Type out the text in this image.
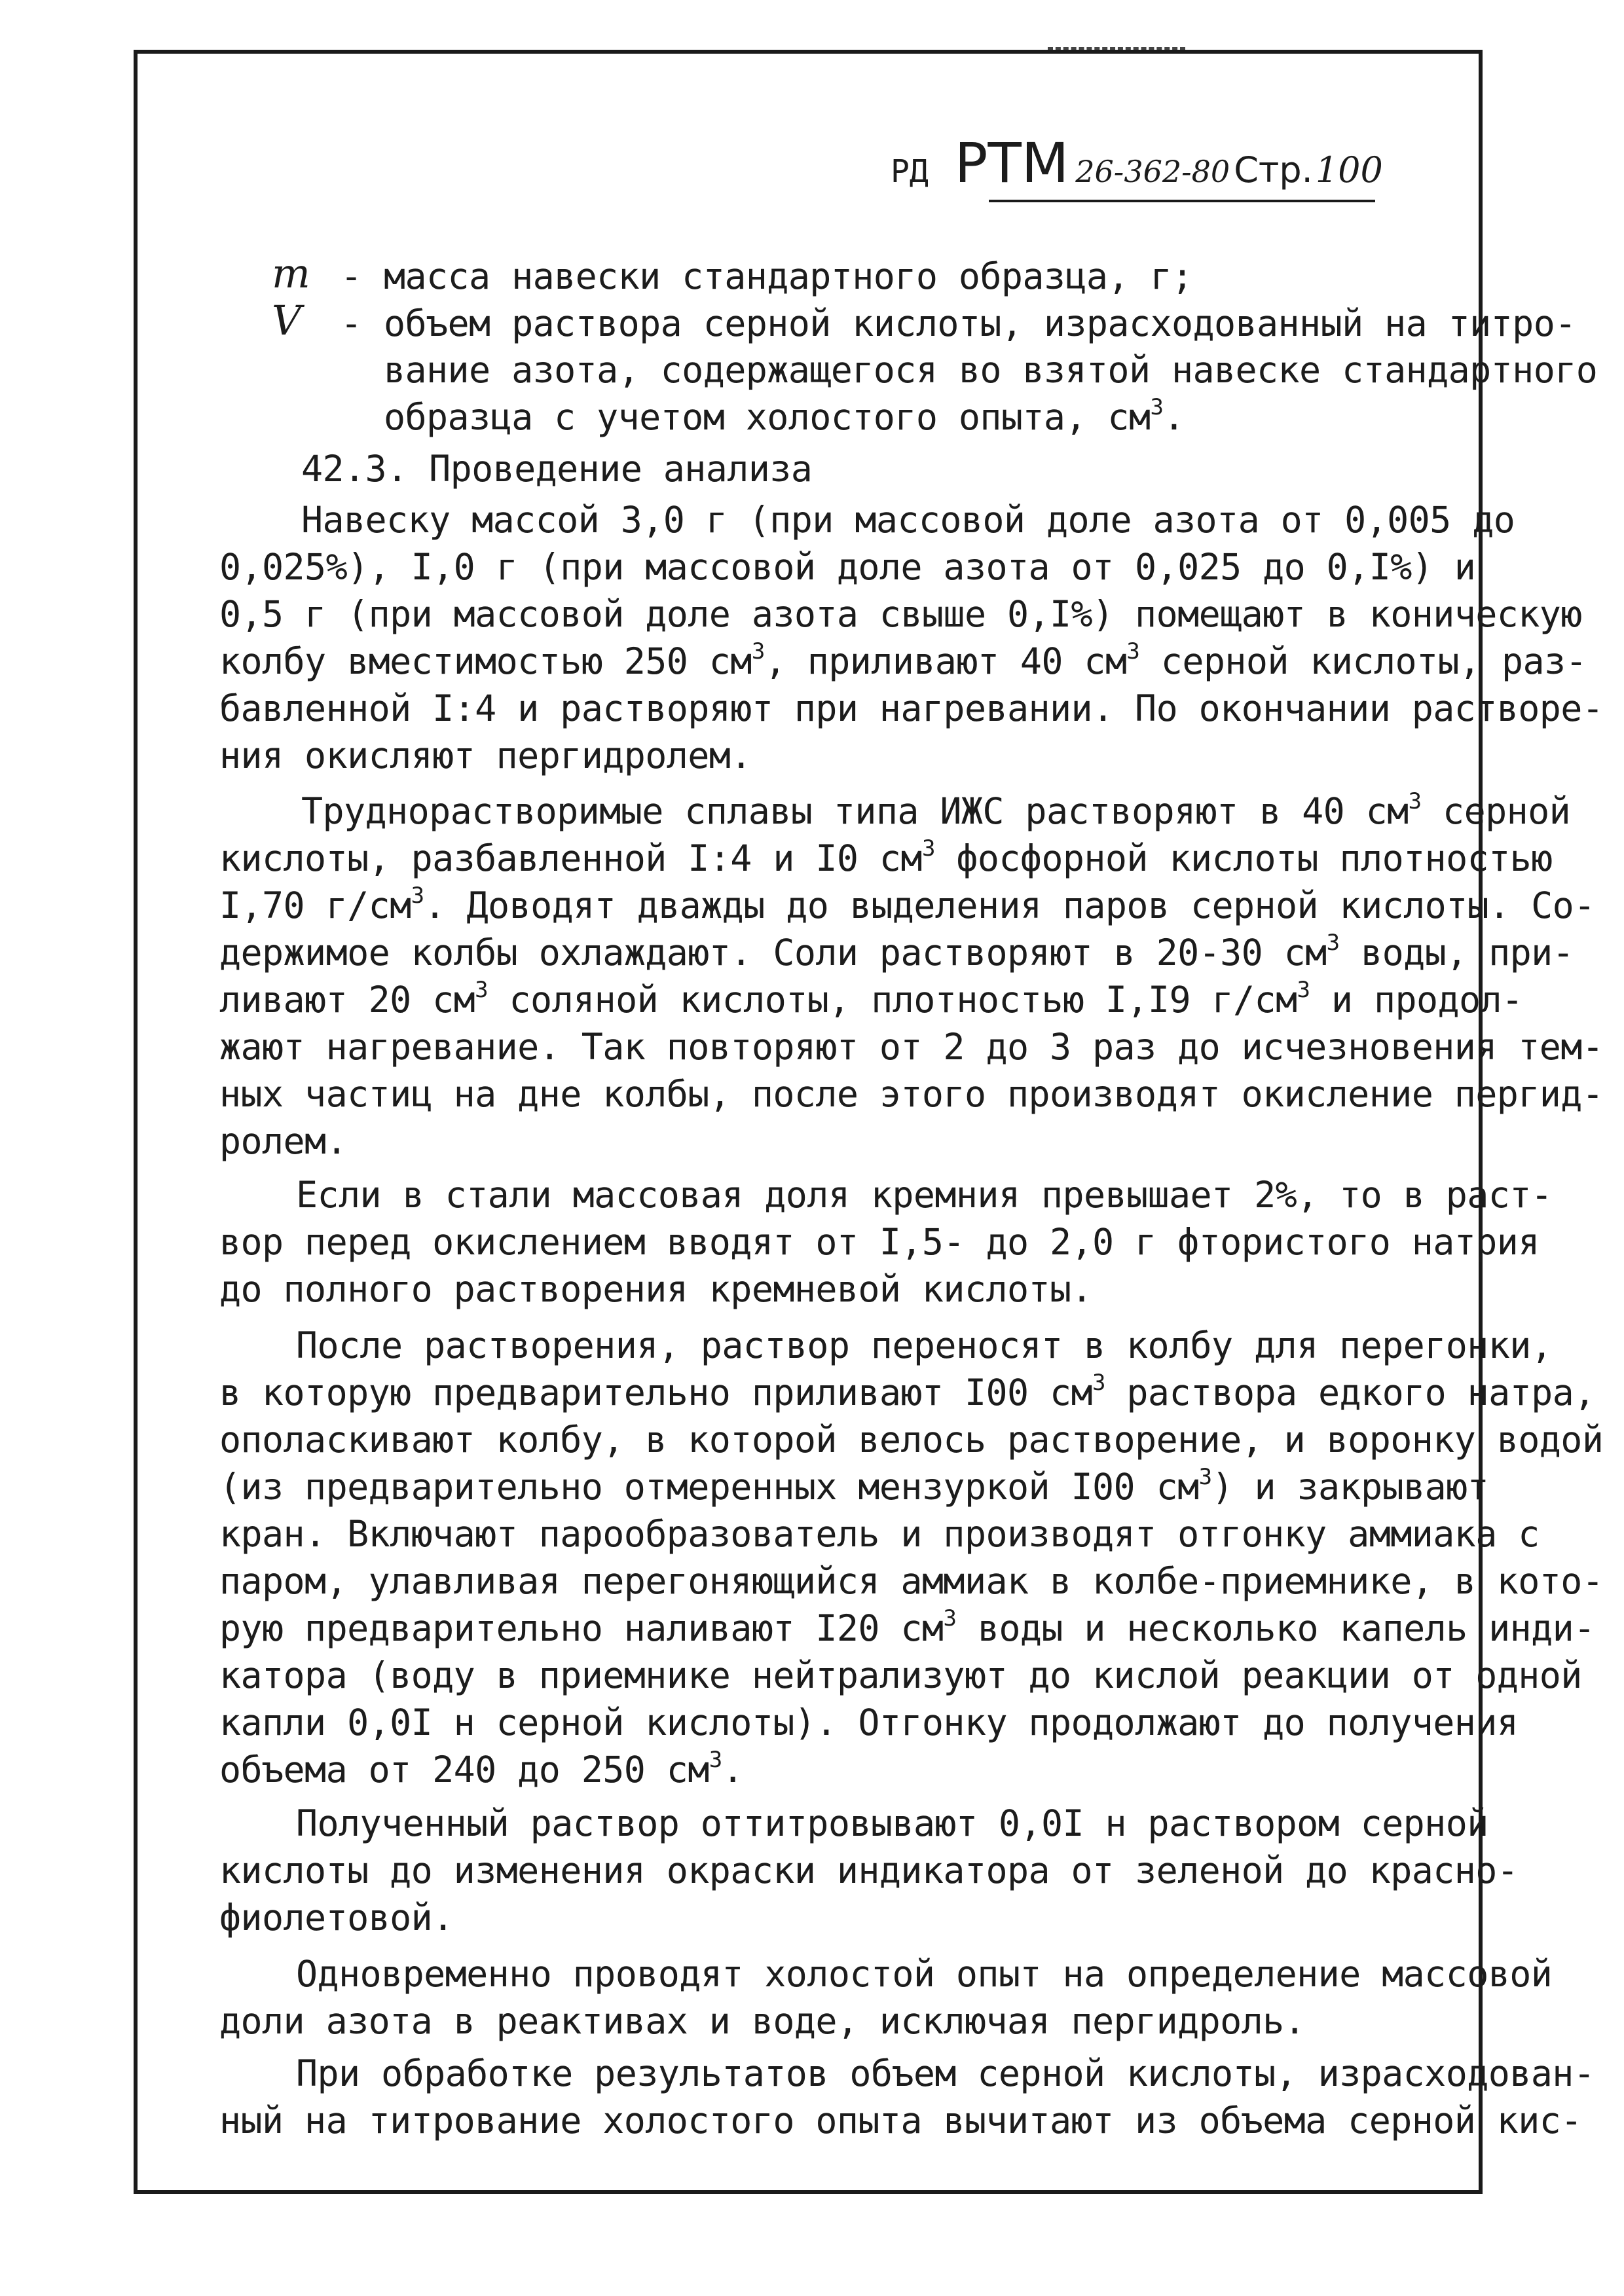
РД РТМ 26-362-80 Стр. 100
m - масса навески стандартного образца, г;
V - объем раствора серной кислоты, израсходованный на титро-
вание азота, содержащегося во взятой навеске стандартного
образца с учетом холостого опыта, $см^3$.
42.3. Проведение анализа
Навеску массой 3,0 г (при массовой доле азота от 0,005 до
0,025%), I,0 г (при массовой доле азота от 0,025 до 0,I%) и
0,5 г (при массовой доле азота свыше 0,I%) помещают в коническую
колбу вместимостью 250 $см^3$, приливают 40 $см^3$ серной кислоты, раз-
бавленной I:4 и растворяют при нагревании. По окончании растворе-
ния окисляют пергидролем.
Труднорастворимые сплавы типа ИЖС растворяют в 40 $см^3$ серной
кислоты, разбавленной I:4 и I0 $см^3$ фосфорной кислоты плотностью
I,70 $г/см^3$. Доводят дважды до выделения паров серной кислоты. Со-
держимое колбы охлаждают. Соли растворяют в 20-30 $см^3$ воды, при-
ливают 20 $см^3$ соляной кислоты, плотностью I,I9 $г/см^3$ и продол-
жают нагревание. Так повторяют от 2 до 3 раз до исчезновения тем-
ных частиц на дне колбы, после этого производят окисление пергид-
ролем.
Если в стали массовая доля кремния превышает 2%, то в раст-
вор перед окислением вводят от I,5- до 2,0 г фтористого натрия
до полного растворения кремневой кислоты.
После растворения, раствор переносят в колбу для перегонки,
в которую предварительно приливают I00 $см^3$ раствора едкого натра,
ополаскивают колбу, в которой велось растворение, и воронку водой
(из предварительно отмеренных мензуркой I00 $см^3$) и закрывают
кран. Включают парообразователь и производят отгонку аммиака с
паром, улавливая перегоняющийся аммиак в колбе-приемнике, в кото-
рую предварительно наливают I20 $см^3$ воды и несколько капель инди-
катора (воду в приемнике нейтрализуют до кислой реакции от одной
капли 0,0I н серной кислоты). Отгонку продолжают до получения
объема от 240 до 250 $см^3$.
Полученный раствор оттитровывают 0,0I н раствором серной
кислоты до изменения окраски индикатора от зеленой до красно-
фиолетовой.
Одновременно проводят холостой опыт на определение массовой
доли азота в реактивах и воде, исключая пергидроль.
При обработке результатов объем серной кислоты, израсходован-
ный на титрование холостого опыта вычитают из объема серной кис-
